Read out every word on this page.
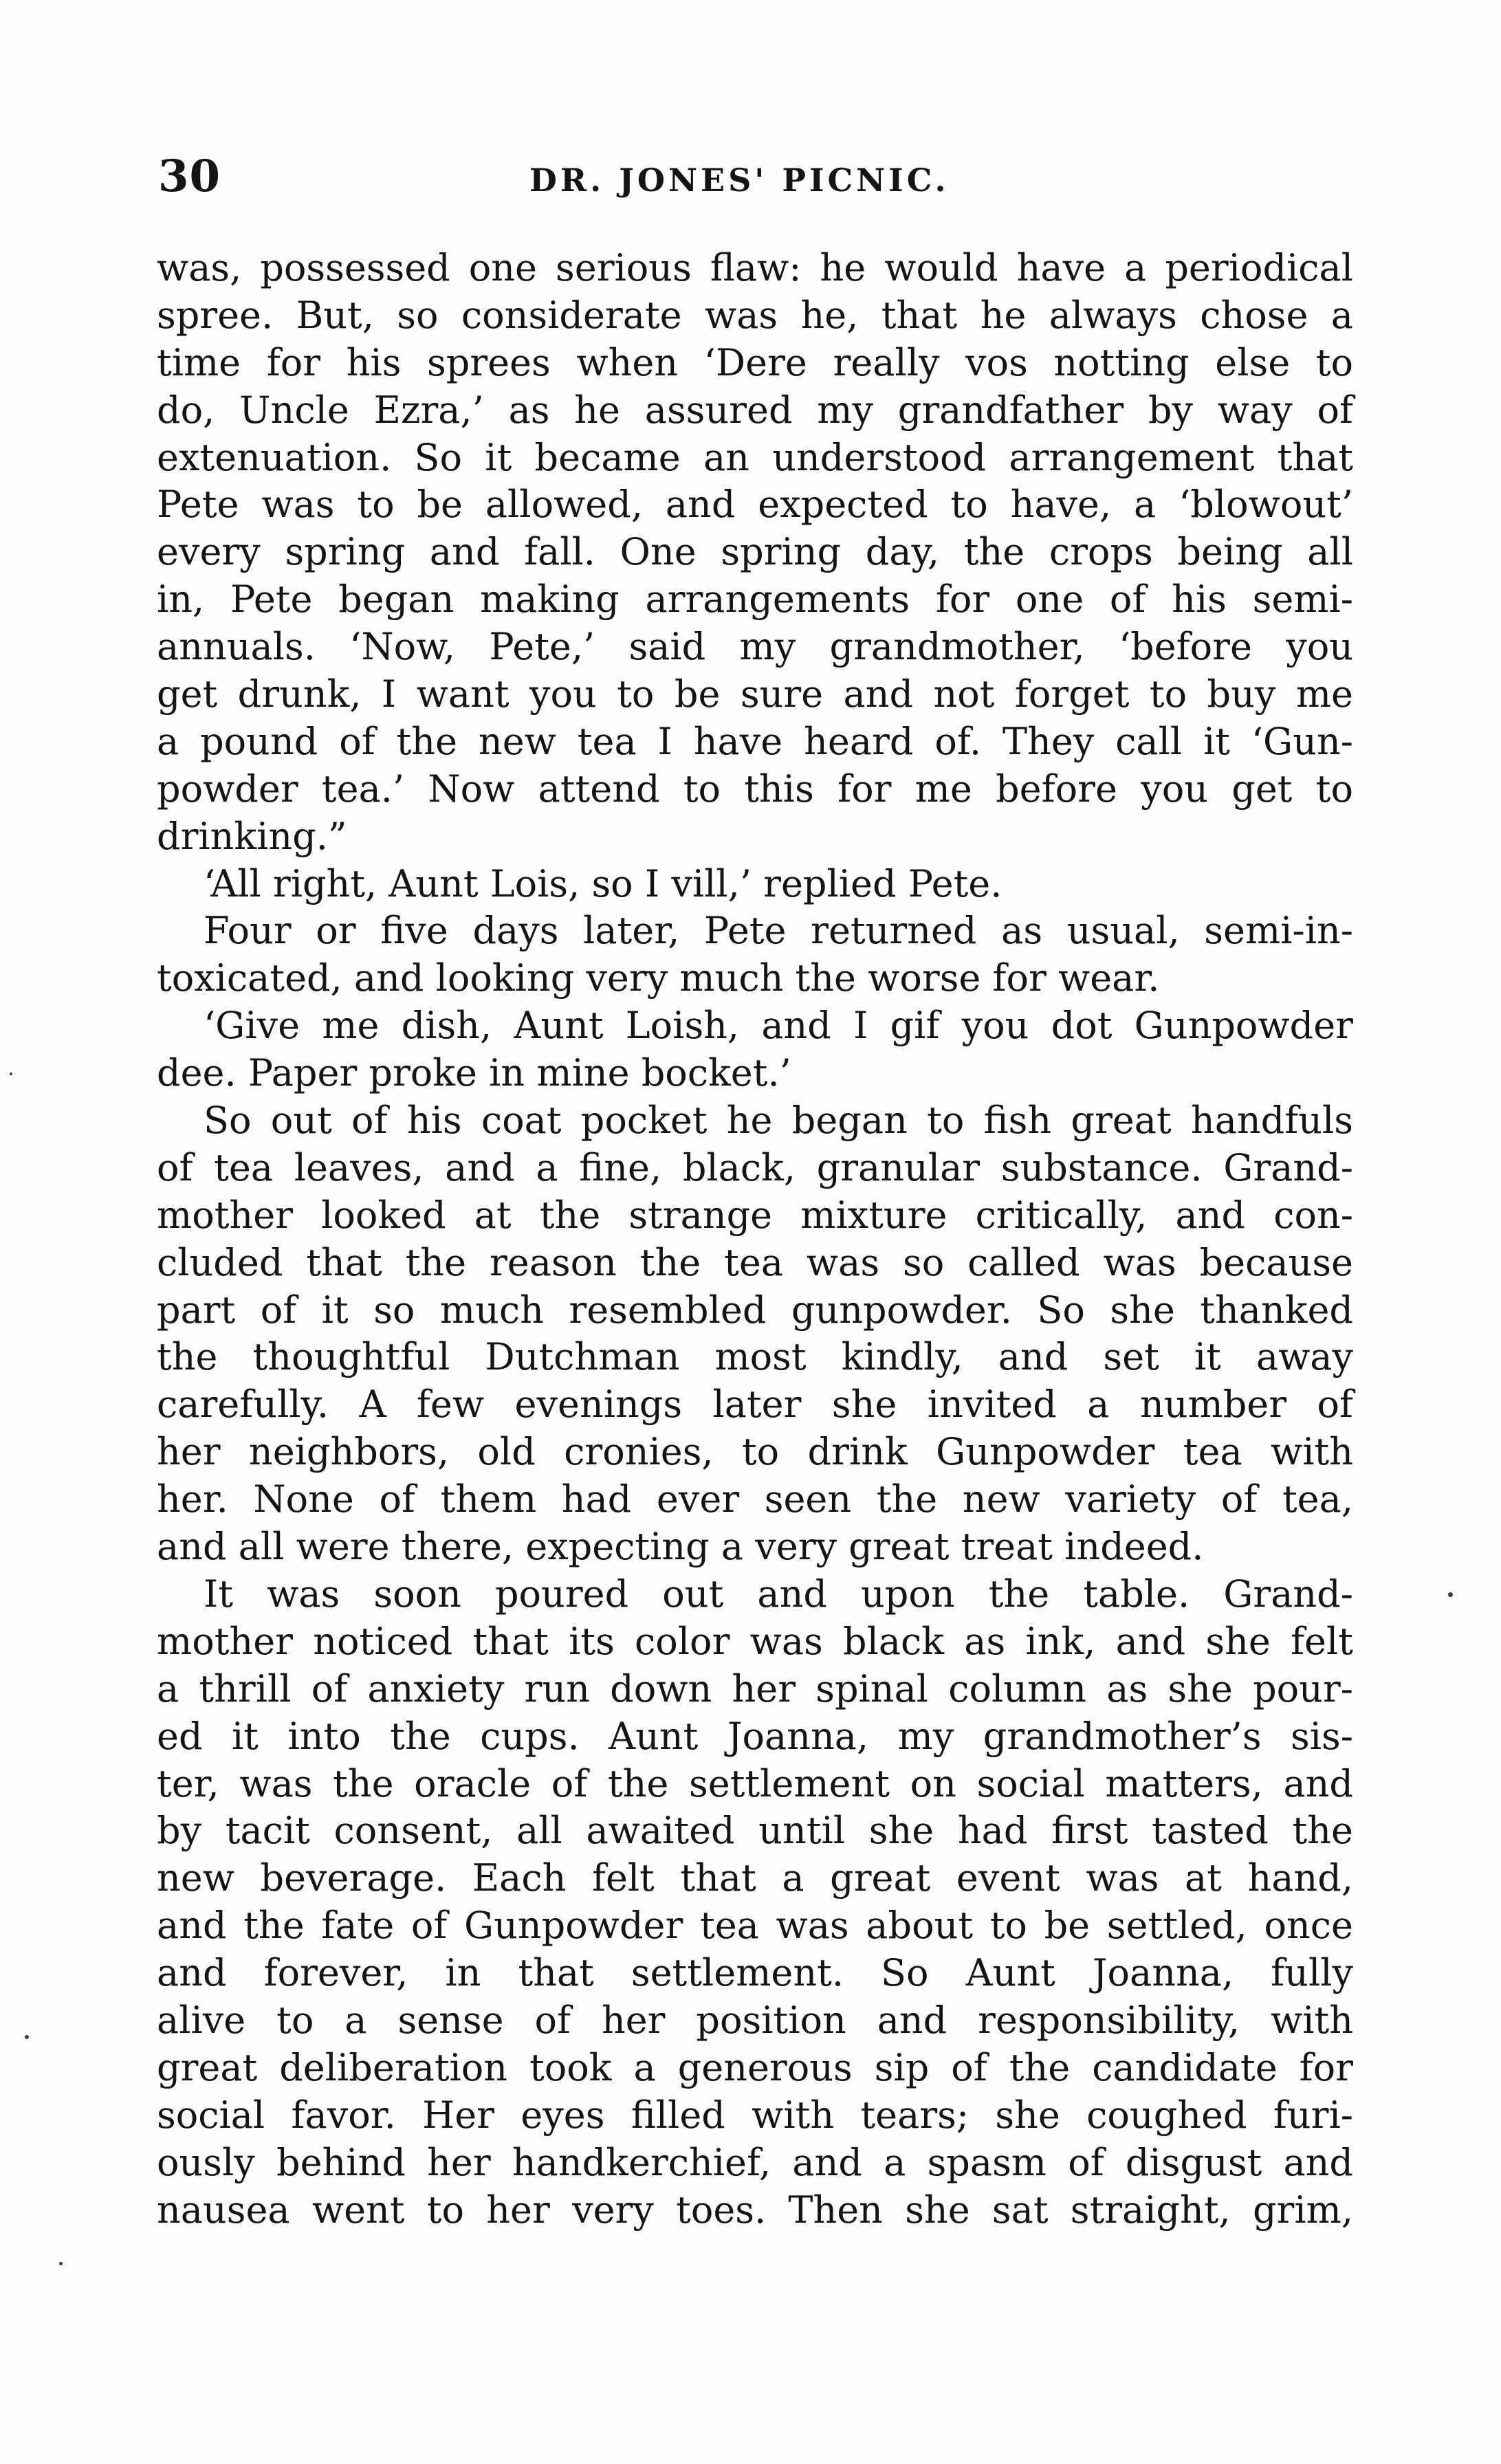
30	DR. JONES' PICNIC.
was, possessed one serious flaw: he would have a periodical
spree. But, so considerate was he, that he always chose a
time for his sprees when ‘Dere really vos notting else to
do, Uncle Ezra,’ as he assured my grandfather by way of
extenuation. So it became an understood arrangement that
Pete was to be allowed, and expected to have, a ‘blowout’
every spring and fall. One spring day, the crops being all
in, Pete began making arrangements for one of his semi-
annuals. ‘Now, Pete,’ said my grandmother, ‘before you
get drunk, I want you to be sure and not forget to buy me
a pound of the new tea I have heard of. They call it ‘Gun-
powder tea.’ Now attend to this for me before you get to
drinking.”
‘All right, Aunt Lois, so I vill,’ replied Pete.
Four or five days later, Pete returned as usual, semi-in-
toxicated, and looking very much the worse for wear.
‘Give me dish, Aunt Loish, and I gif you dot Gunpowder
dee. Paper proke in mine bocket.’
So out of his coat pocket he began to fish great handfuls
of tea leaves, and a fine, black, granular substance. Grand-
mother looked at the strange mixture critically, and con-
cluded that the reason the tea was so called was because
part of it so much resembled gunpowder. So she thanked
the thoughtful Dutchman most kindly, and set it away
carefully. A few evenings later she invited a number of
her neighbors, old cronies, to drink Gunpowder tea with
her. None of them had ever seen the new variety of tea,
and all were there, expecting a very great treat indeed.
It was soon poured out and upon the table. Grand-
mother noticed that its color was black as ink, and she felt
a thrill of anxiety run down her spinal column as she pour-
ed it into the cups. Aunt Joanna, my grandmother’s sis-
ter, was the oracle of the settlement on social matters, and
by tacit consent, all awaited until she had first tasted the
new beverage. Each felt that a great event was at hand,
and the fate of Gunpowder tea was about to be settled, once
and forever, in that settlement. So Aunt Joanna, fully
alive to a sense of her position and responsibility, with
great deliberation took a generous sip of the candidate for
social favor. Her eyes filled with tears; she coughed furi-
ously behind her handkerchief, and a spasm of disgust and
nausea went to her very toes. Then she sat straight, grim,
